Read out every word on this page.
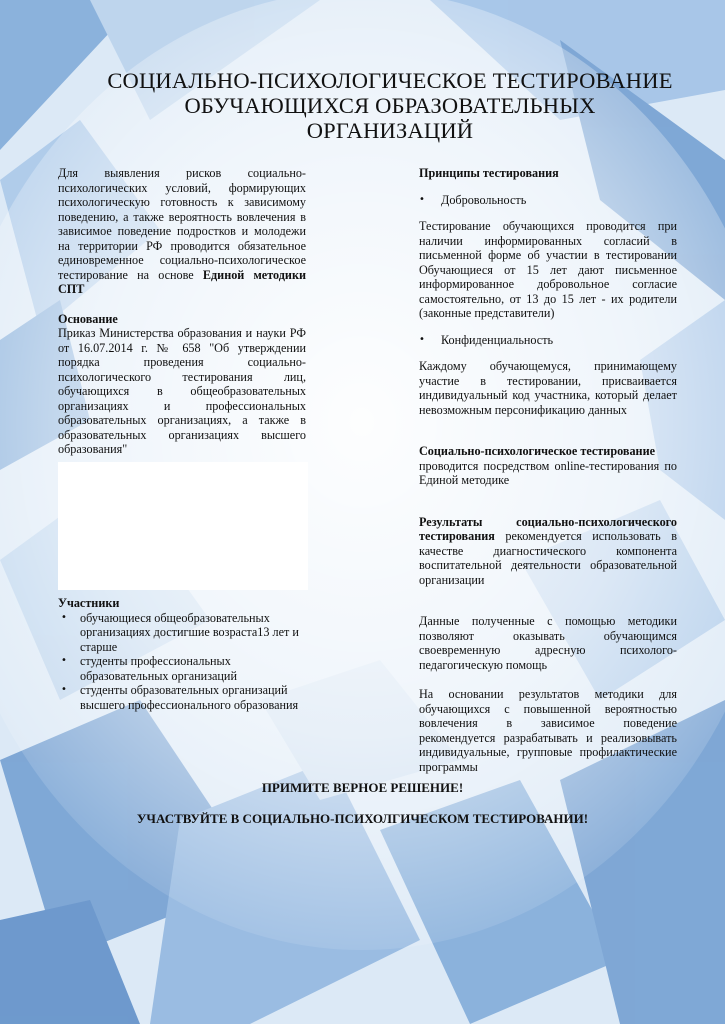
СОЦИАЛЬНО-ПСИХОЛОГИЧЕСКОЕ ТЕСТИРОВАНИЕ
ОБУЧАЮЩИХСЯ ОБРАЗОВАТЕЛЬНЫХ
ОРГАНИЗАЦИЙ

Для выявления рисков социально-психологических условий, формирующих психологическую готовность к зависимому поведению, а также вероятность вовлечения в зависимое поведение подростков и молодежи на территории РФ проводится обязательное единовременное социально-психологическое тестирование на основе Единой методики СПТ

Основание

Приказ Министерства образования и науки РФ от 16.07.2014 г. № 658 "Об утверждении порядка проведения социально-психологического тестирования лиц, обучающихся в общеобразовательных организациях и профессиональных образовательных организациях, а также в образовательных организациях высшего образования"

Участники

• обучающиеся общеобразовательных организациях достигшие возраста13 лет и старше
• студенты профессиональных образовательных организаций
• студенты образовательных организаций высшего профессионального образования

Принципы тестирования

• Добровольность

Тестирование обучающихся проводится при наличии информированных согласий в письменной форме об участии в тестировании Обучающиеся от 15 лет дают письменное информированное добровольное согласие самостоятельно, от 13 до 15 лет - их родители (законные представители)

• Конфиденциальность

Каждому обучающемуся, принимающему участие в тестировании, присваивается индивидуальный код участника, который делает невозможным персонификацию данных

Социально-психологическое тестирование

проводится посредством online-тестирования по Единой методике

Результаты социально-психологического тестирования рекомендуется использовать в качестве диагностического компонента воспитательной деятельности образовательной организации

Данные полученные с помощью методики позволяют оказывать обучающимся своевременную адресную психолого-педагогическую помощь

На основании результатов методики для обучающихся с повышенной вероятностью вовлечения в зависимое поведение рекомендуется разрабатывать и реализовывать индивидуальные, групповые профилактические программы

ПРИМИТЕ ВЕРНОЕ РЕШЕНИЕ!
УЧАСТВУЙТЕ В СОЦИАЛЬНО-ПСИХОЛГИЧЕСКОМ ТЕСТИРОВАНИИ!
